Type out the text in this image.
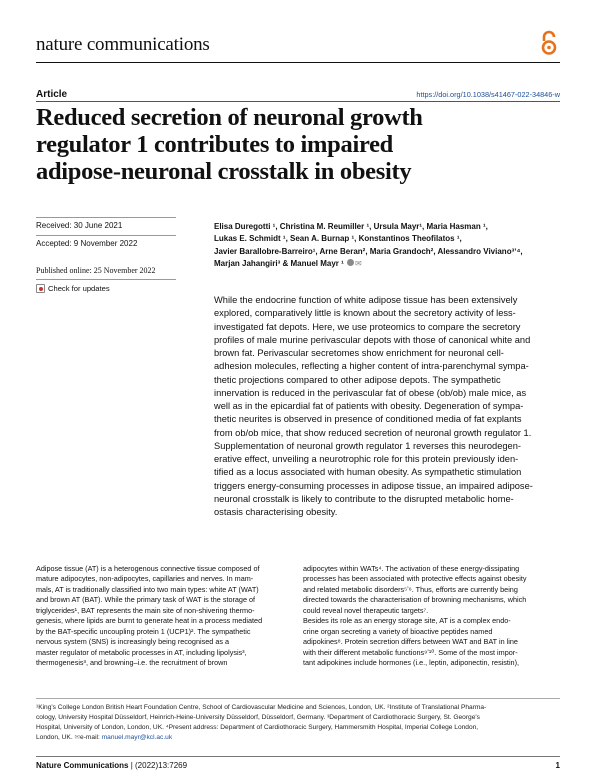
nature communications
Article	https://doi.org/10.1038/s41467-022-34846-w
Reduced secretion of neuronal growth
regulator 1 contributes to impaired
adipose-neuronal crosstalk in obesity
Received: 30 June 2021
Accepted: 9 November 2022
Published online: 25 November 2022
Check for updates

Elisa Duregotti ¹, Christina M. Reumiller ¹, Ursula Mayr¹, Maria Hasman ¹,

Lukas E. Schmidt ¹, Sean A. Burnap ¹, Konstantinos Theofilatos ¹,

Javier Barallobre-Barreiro¹, Arne Beran², Maria Grandoch², Alessandro Viviano³ʼ⁴,

Marjan Jahangiri³ & Manuel Mayr ¹ ✉

While the endocrine function of white adipose tissue has been extensively

explored, comparatively little is known about the secretory activity of less-

investigated fat depots. Here, we use proteomics to compare the secretory

profiles of male murine perivascular depots with those of canonical white and

brown fat. Perivascular secretomes show enrichment for neuronal cell-

adhesion molecules, reflecting a higher content of intra-parenchymal sympa-

thetic projections compared to other adipose depots. The sympathetic

innervation is reduced in the perivascular fat of obese (ob/ob) male mice, as

well as in the epicardial fat of patients with obesity. Degeneration of sympa-

thetic neurites is observed in presence of conditioned media of fat explants

from ob/ob mice, that show reduced secretion of neuronal growth regulator 1.

Supplementation of neuronal growth regulator 1 reverses this neurodegen-

erative effect, unveiling a neurotrophic role for this protein previously iden-

tified as a locus associated with human obesity. As sympathetic stimulation

triggers energy-consuming processes in adipose tissue, an impaired adipose-

neuronal crosstalk is likely to contribute to the disrupted metabolic home-

ostasis characterising obesity.

Adipose tissue (AT) is a heterogenous connective tissue composed of

mature adipocytes, non-adipocytes, capillaries and nerves. In mam-

mals, AT is traditionally classified into two main types: white AT (WAT)

and brown AT (BAT). While the primary task of WAT is the storage of

triglycerides¹, BAT represents the main site of non-shivering thermo-

genesis, where lipids are burnt to generate heat in a process mediated

by the BAT-specific uncoupling protein 1 (UCP1)². The sympathetic

nervous system (SNS) is increasingly being recognised as a

master regulator of metabolic processes in AT, including lipolysis³,

thermogenesis³, and browning–i.e. the recruitment of brown

adipocytes within WATs⁴. The activation of these energy-dissipating

processes has been associated with protective effects against obesity

and related metabolic disorders⁵ʼ⁶. Thus, efforts are currently being

directed towards the characterisation of browning mechanisms, which

could reveal novel therapeutic targets⁷.

Besides its role as an energy storage site, AT is a complex endo-

crine organ secreting a variety of bioactive peptides named

adipokines⁸. Protein secretion differs between WAT and BAT in line

with their different metabolic functions⁹ʼ¹⁰. Some of the most impor-

tant adipokines include hormones (i.e., leptin, adiponectin, resistin),

¹King's College London British Heart Foundation Centre, School of Cardiovascular Medicine and Sciences, London, UK. ²Institute of Translational Pharma-

cology, University Hospital Düsseldorf, Heinrich-Heine-University Düsseldorf, Düsseldorf, Germany. ³Department of Cardiothoracic Surgery, St. George's

Hospital, University of London, London, UK. ⁴Present address: Department of Cardiothoracic Surgery, Hammersmith Hospital, Imperial College London,

London, UK. ✉e-mail: manuel.mayr@kcl.ac.uk

Nature Communications | (2022)13:7269	1
